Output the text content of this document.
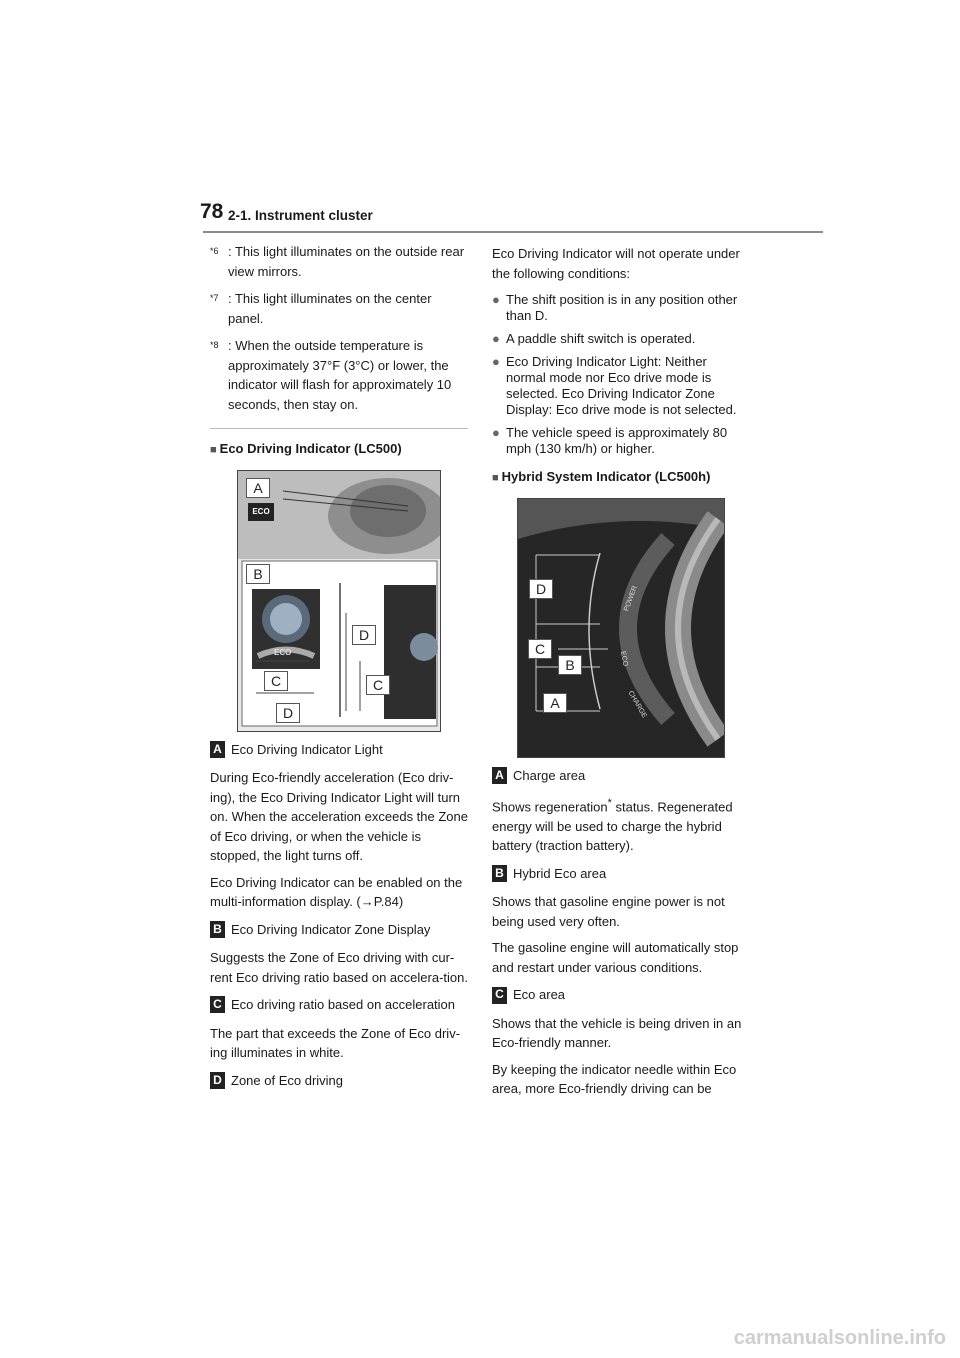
78 2-1. Instrument cluster
$^{*6}$ : This light illuminates on the outside rear view mirrors.
$^{*7}$ : This light illuminates on the center panel.
$^{*8}$ : When the outside temperature is approximately 37°F (3°C) or lower, the indicator will flash for approximately 10 seconds, then stay on.
■ Eco Driving Indicator (LC500)
A
ECO
B
ECO
C
D
D
C
A Eco Driving Indicator Light

During Eco-friendly acceleration (Eco driv-ing), the Eco Driving Indicator Light will turn on. When the acceleration exceeds the Zone of Eco driving, or when the vehicle is stopped, the light turns off.

Eco Driving Indicator can be enabled on the multi-information display. (→P.84)

B Eco Driving Indicator Zone Display

Suggests the Zone of Eco driving with cur-rent Eco driving ratio based on accelera-tion.

C Eco driving ratio based on acceleration

The part that exceeds the Zone of Eco driv-ing illuminates in white.

D Zone of Eco driving

Eco Driving Indicator will not operate under the following conditions:

● The shift position is in any position other than D.
● A paddle shift switch is operated.
● Eco Driving Indicator Light: Neither normal mode nor Eco drive mode is selected. Eco Driving Indicator Zone Display: Eco drive mode is not selected.
● The vehicle speed is approximately 80 mph (130 km/h) or higher.
■ Hybrid System Indicator (LC500h)
POWER
ECO
CHARGE
D
C
B
A
A Charge area

Shows regeneration* status. Regenerated energy will be used to charge the hybrid battery (traction battery).

B Hybrid Eco area

Shows that gasoline engine power is not being used very often.

The gasoline engine will automatically stop and restart under various conditions.

C Eco area

Shows that the vehicle is being driven in an Eco-friendly manner.

By keeping the indicator needle within Eco area, more Eco-friendly driving can be

carmanualsonline.info
